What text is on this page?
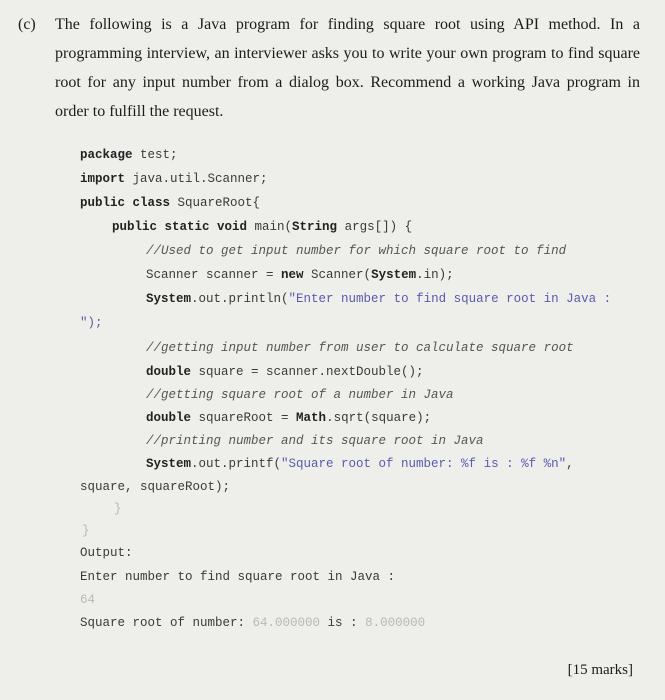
(c) The following is a Java program for finding square root using API method. In a programming interview, an interviewer asks you to write your own program to find square root for any input number from a dialog box. Recommend a working Java program in order to fulfill the request.
package test;
import java.util.Scanner;
public class SquareRoot{
public static void main(String args[]) {
//Used to get input number for which square root to find
Scanner scanner = new Scanner(System.in);
System.out.println("Enter number to find square root in Java :
");
//getting input number from user to calculate square root
double square = scanner.nextDouble();
//getting square root of a number in Java
double squareRoot = Math.sqrt(square);
//printing number and its square root in Java
System.out.printf("Square root of number: %f is : %f %n",
square, squareRoot);
}
}
Output:
Enter number to find square root in Java :
64
Square root of number: 64.000000 is : 8.000000
[15 marks]
